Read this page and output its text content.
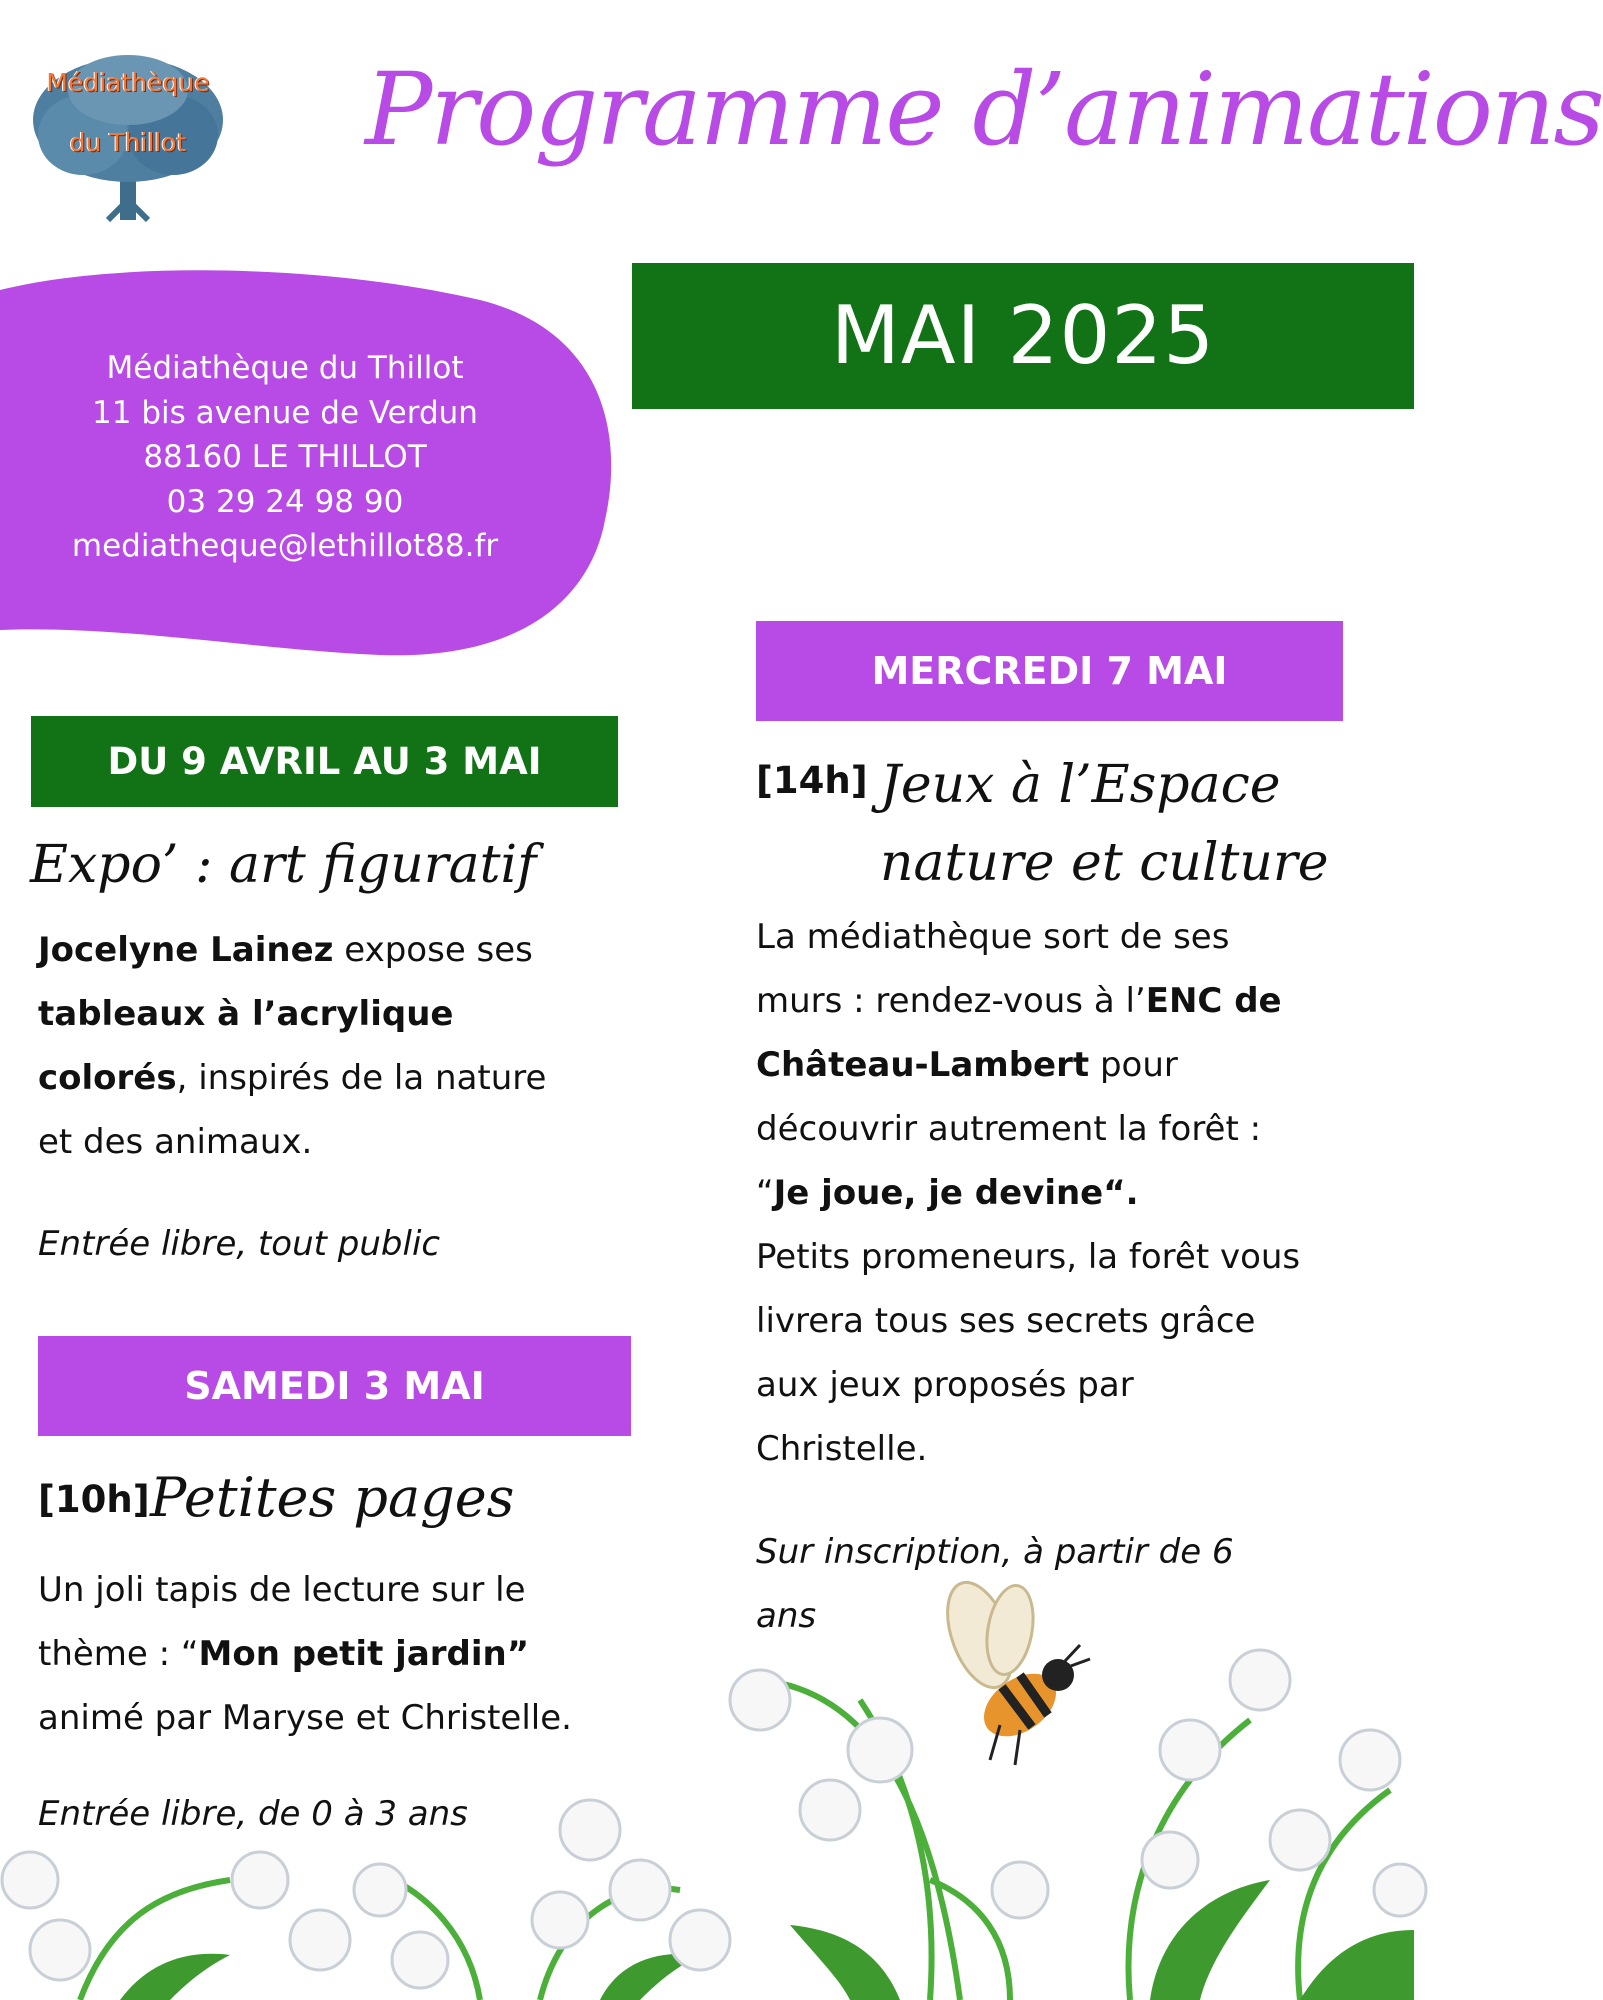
Médiathèque
du Thillot	Programme d’animations
MAI 2025
Médiathèque du Thillot
11 bis avenue de Verdun
88160 LE THILLOT
03 29 24 98 90
mediatheque@lethillot88.fr
DU 9 AVRIL AU 3 MAI
Expo’ : art figuratif
Jocelyne Lainez expose ses
tableaux à l’acrylique
colorés, inspirés de la nature
et des animaux.
Entrée libre, tout public
SAMEDI 3 MAI
[10h] Petites pages
Un joli tapis de lecture sur le
thème : “Mon petit jardin”
animé par Maryse et Christelle.
Entrée libre, de 0 à 3 ans
MERCREDI 7 MAI
[14h] Jeux à l’Espace
nature et culture
La médiathèque sort de ses
murs : rendez-vous à l’ENC de
Château-Lambert pour
découvrir autrement la forêt :
“Je joue, je devine“.
Petits promeneurs, la forêt vous
livrera tous ses secrets grâce
aux jeux proposés par
Christelle.
Sur inscription, à partir de 6
ans
